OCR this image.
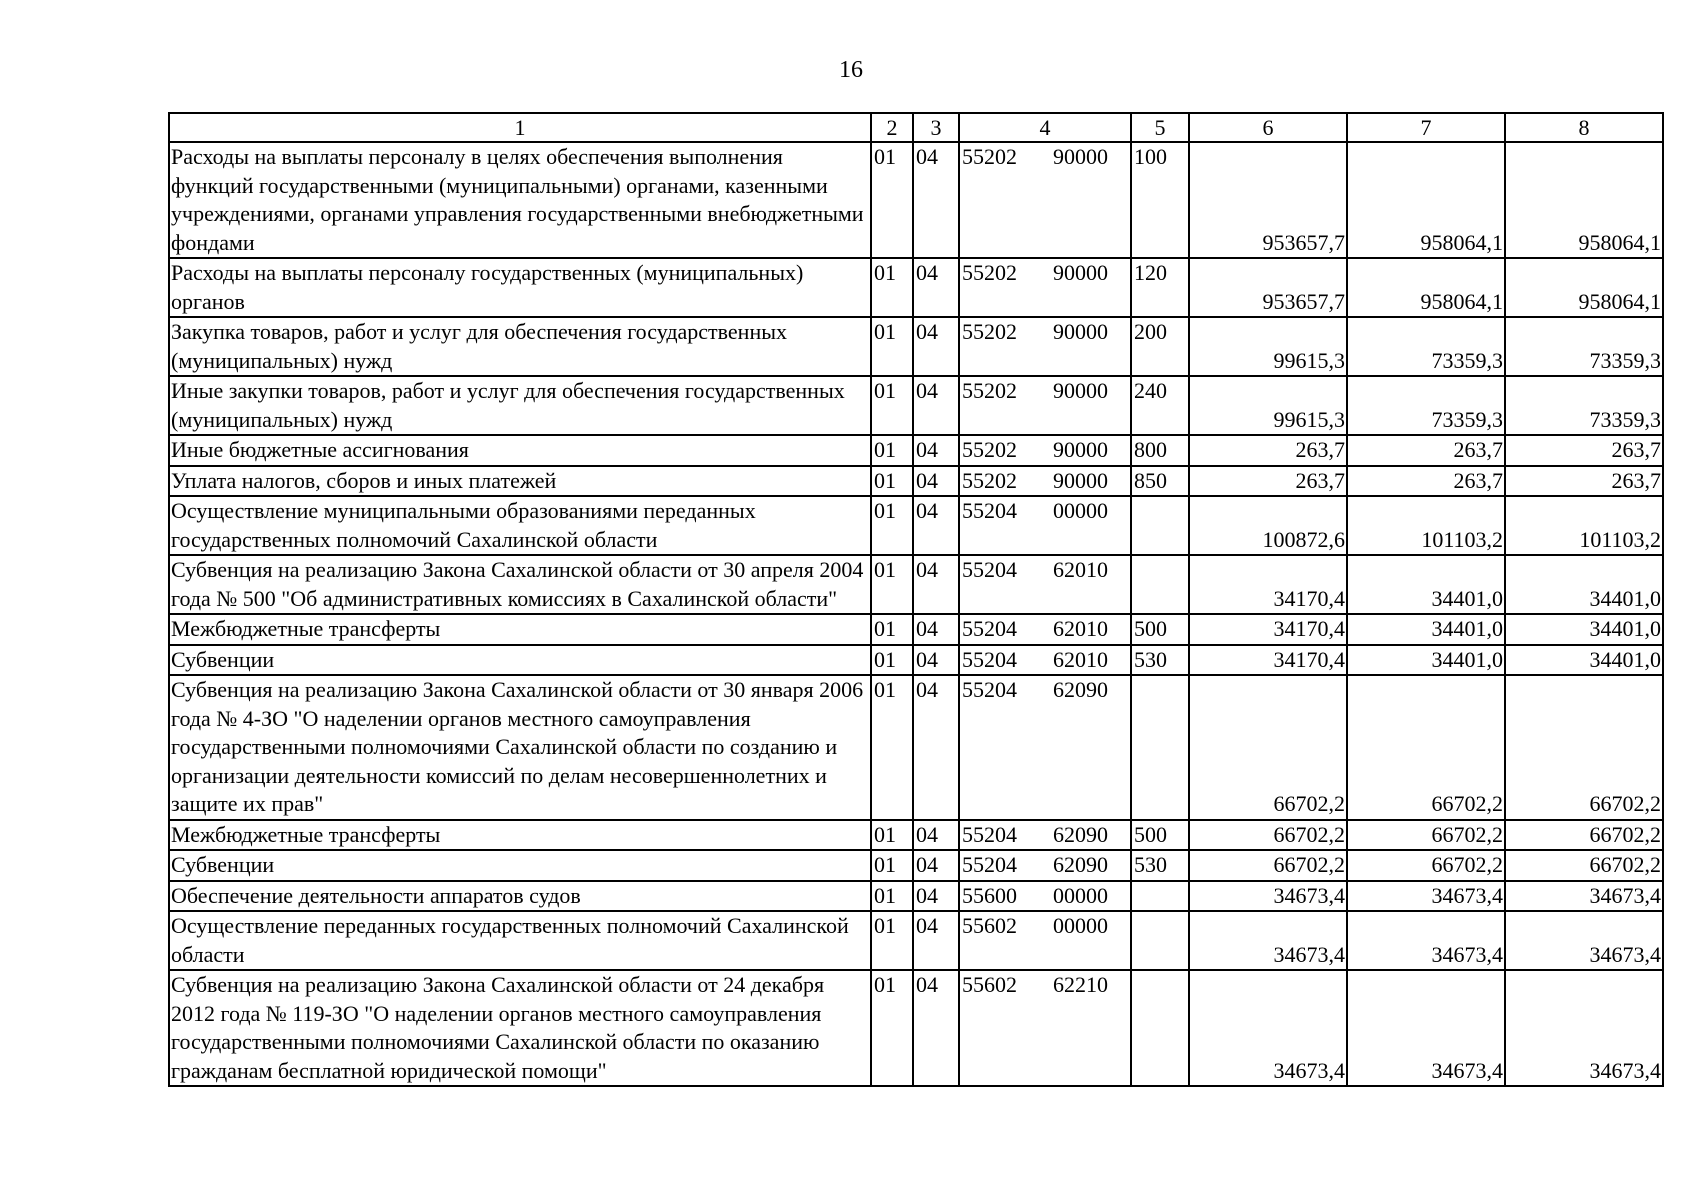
16
1	2	3	4		5	6	7	8
Расходы на выплаты персоналу в целях обеспечения выполнения функций государственными (муниципальными) органами, казенными учреждениями, органами управления государственными внебюджетными фондами	01	04	55202	90000	100	953657,7	958064,1	958064,1
Расходы на выплаты персоналу государственных (муниципальных) органов	01	04	55202	90000	120	953657,7	958064,1	958064,1
Закупка товаров, работ и услуг для обеспечения государственных (муниципальных) нужд	01	04	55202	90000	200	99615,3	73359,3	73359,3
Иные закупки товаров, работ и услуг для обеспечения государственных (муниципальных) нужд	01	04	55202	90000	240	99615,3	73359,3	73359,3
Иные бюджетные ассигнования	01	04	55202	90000	800	263,7	263,7	263,7
Уплата налогов, сборов и иных платежей	01	04	55202	90000	850	263,7	263,7	263,7
Осуществление муниципальными образованиями переданных государственных полномочий Сахалинской области	01	04	55204	00000		100872,6	101103,2	101103,2
Субвенция на реализацию Закона Сахалинской области от 30 апреля 2004 года № 500 "Об административных комиссиях в Сахалинской области"	01	04	55204	62010		34170,4	34401,0	34401,0
Межбюджетные трансферты	01	04	55204	62010	500	34170,4	34401,0	34401,0
Субвенции	01	04	55204	62010	530	34170,4	34401,0	34401,0
Субвенция на реализацию Закона Сахалинской области от 30 января 2006 года № 4-ЗО "О наделении органов местного самоуправления государственными полномочиями Сахалинской области по созданию и организации деятельности комиссий по делам несовершеннолетних и защите их прав"	01	04	55204	62090		66702,2	66702,2	66702,2
Межбюджетные трансферты	01	04	55204	62090	500	66702,2	66702,2	66702,2
Субвенции	01	04	55204	62090	530	66702,2	66702,2	66702,2
Обеспечение деятельности аппаратов судов	01	04	55600	00000		34673,4	34673,4	34673,4
Осуществление переданных государственных полномочий Сахалинской области	01	04	55602	00000		34673,4	34673,4	34673,4
Субвенция на реализацию Закона Сахалинской области от 24 декабря 2012 года № 119-ЗО "О наделении органов местного самоуправления государственными полномочиями Сахалинской области по оказанию гражданам бесплатной юридической помощи"	01	04	55602	62210		34673,4	34673,4	34673,4
